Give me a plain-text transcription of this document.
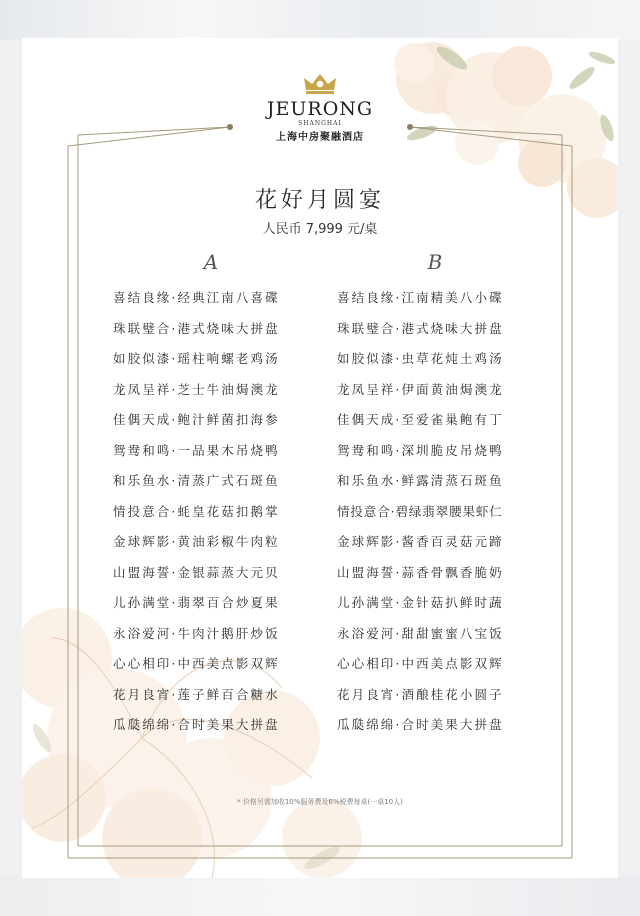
JEURONG
SHANGHAI
上海中房聚融酒店
花好月圆宴
人民币 7,999 元/桌
A	B
喜结良缘·经典江南八喜碟
珠联璧合·港式烧味大拼盘
如胶似漆·瑶柱响螺老鸡汤
龙凤呈祥·芝士牛油焗澳龙
佳偶天成·鲍汁鲜菌扣海参
鸳鸯和鸣·一品果木吊烧鸭
和乐鱼水·清蒸广式石斑鱼
情投意合·蚝皇花菇扣鹅掌
金球辉影·黄油彩椒牛肉粒
山盟海誓·金银蒜蒸大元贝
儿孙满堂·翡翠百合炒夏果
永浴爱河·牛肉汁鹅肝炒饭
心心相印·中西美点影双辉
花月良宵·莲子鲜百合糖水
瓜瓞绵绵·合时美果大拼盘
喜结良缘·江南精美八小碟
珠联璧合·港式烧味大拼盘
如胶似漆·虫草花炖土鸡汤
龙凤呈祥·伊面黄油焗澳龙
佳偶天成·至爱雀巢鲍有丁
鸳鸯和鸣·深圳脆皮吊烧鸭
和乐鱼水·鲜露清蒸石斑鱼
情投意合·碧绿翡翠腰果虾仁
金球辉影·酱香百灵菇元蹄
山盟海誓·蒜香骨飘香脆奶
儿孙满堂·金针菇扒鲜时蔬
永浴爱河·甜甜蜜蜜八宝饭
心心相印·中西美点影双辉
花月良宵·酒酿桂花小圆子
瓜瓞绵绵·合时美果大拼盘
* 价格另需加收10%服务费及6%税费每桌(一桌10人)
